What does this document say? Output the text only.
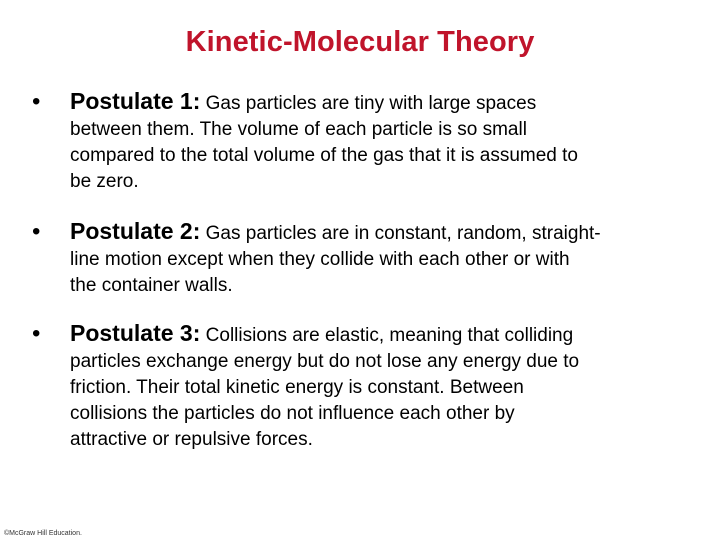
Kinetic-Molecular Theory
• Postulate 1: Gas particles are tiny with large spaces
between them. The volume of each particle is so small
compared to the total volume of the gas that it is assumed to
be zero.
• Postulate 2: Gas particles are in constant, random, straight-
line motion except when they collide with each other or with
the container walls.
• Postulate 3: Collisions are elastic, meaning that colliding
particles exchange energy but do not lose any energy due to
friction. Their total kinetic energy is constant. Between
collisions the particles do not influence each other by
attractive or repulsive forces.
©McGraw Hill Education.
